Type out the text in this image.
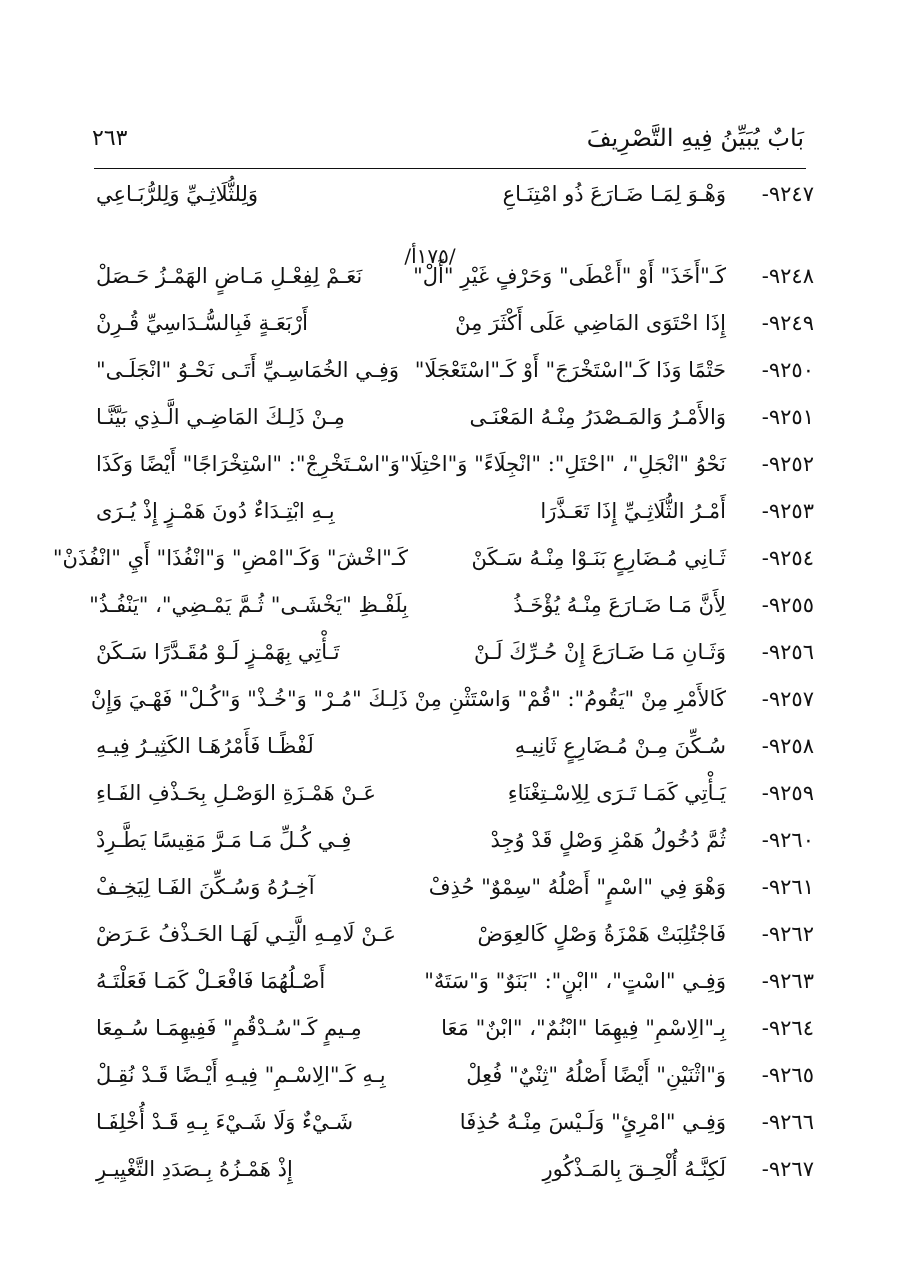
بَابٌ يُبَيِّنُ فِيهِ التَّصْرِيفَ
٢٦٣
/١٧٥أ/
٩٢٤٧-
وَهْـوَ لِمَـا ضَـارَعَ ذُو امْتِنَـاعِ
وَلِلثُّلَاثِـيِّ وَلِلرُّبَـاعِي
٩٢٤٨-
كَـ"أَخَذَ" أَوْ "أَعْطَى" وَحَرْفٍ غَيْرِ "أَلْ"
نَعَـمْ لِفِعْـلِ مَـاضٍ الهَمْـزُ حَـصَلْ
٩٢٤٩-
إِذَا احْتَوَى المَاضِي عَلَى أَكْثَرَ مِنْ
أَرْبَعَـةٍ فَبِالسُّـدَاسِيِّ قُـرِنْ
٩٢٥٠-
حَتْمًا وَذَا كَـ"اسْتَخْرَجَ" أَوْ كَـ"اسْتَعْجَلَا"
وَفِـي الخُمَاسِـيِّ أَتَـى نَحْـوُ "انْجَلَـى"
٩٢٥١-
وَالأَمْـرُ وَالمَـصْدَرُ مِنْـهُ المَعْنَـى
مِـنْ ذَلِـكَ المَاضِـي الَّـذِي بَيَّنَّـا
٩٢٥٢-
نَحْوُ "انْجَلِ"، "احْتَلِ": "انْجِلَاءً" وَ"احْتِلَا"
وَ"اسْـتَخْرِجْ": "اسْتِخْرَاجًا" أَيْضًا وَكَذَا
٩٢٥٣-
أَمْـرُ الثُّلَاثِـيِّ إِذَا تَعَـذَّرَا
بِـهِ ابْتِـدَاءٌ دُونَ هَمْـزٍ إِذْ يُـرَى
٩٢٥٤-
ثَـانِي مُـضَارِعٍ بَنَـوْا مِنْـهُ سَـكَنْ
كَـ"اخْشَ" وَكَـ"امْضِ" وَ"انْفُذَا" أَيِ "انْفُذَنْ"
٩٢٥٥-
لِأَنَّ مَـا ضَـارَعَ مِنْـهُ يُؤْخَـذُ
بِلَفْـظِ "يَخْشَـى" ثُـمَّ يَمْـضِي"، "يَنْفُـذُ"
٩٢٥٦-
وَثَـانِ مَـا ضَـارَعَ إِنْ حُـرِّكَ لَـنْ
تَـأْتِي بِهَمْـزٍ لَـوْ مُقَـدَّرًا سَـكَنْ
٩٢٥٧-
كَالأَمْرِ مِنْ "يَقُومُ": "قُمْ" وَاسْتَثْنِ مِنْ
ذَلِـكَ "مُـرْ" وَ"خُـذْ" وَ"كُـلْ" فَهْـيَ وَإِنْ
٩٢٥٨-
سُـكِّنَ مِـنْ مُـضَارِعٍ ثَانِيـهِ
لَفْظًـا فَأَمْرُهَـا الكَثِيـرُ فِيـهِ
٩٢٥٩-
يَـأْتِي كَمَـا تَـرَى لِلِاسْـتِغْنَاءِ
عَـنْ هَمْـزَةِ الوَصْـلِ بِحَـذْفِ الفَـاءِ
٩٢٦٠-
ثُمَّ دُخُولُ هَمْزِ وَصْلٍ قَدْ وُجِدْ
فِـي كُـلِّ مَـا مَـرَّ مَقِيسًا يَطَّـرِدْ
٩٢٦١-
وَهْوَ فِي "اسْمٍ" أَصْلُهُ "سِمْوٌ" حُذِفْ
آخِـرُهُ وَسُـكِّنَ الفَـا لِيَخِـفْ
٩٢٦٢-
فَاجْتُلِبَتْ هَمْزَةُ وَصْلٍ كَالعِوَضْ
عَـنْ لَامِـهِ الَّتِـي لَهَـا الحَـذْفُ عَـرَضْ
٩٢٦٣-
وَفِـي "اسْتٍ"، "ابْنٍ": "بَنَوٌ" وَ"سَتَهٌ"
أَصْـلُهُمَا فَافْعَـلْ كَمَـا فَعَلْتَـهُ
٩٢٦٤-
بِـ"الِاسْمِ" فِيهِمَا "ابْنُمٌ"، "ابْنٌ" مَعَا
مِـيمٍ كَـ"سُـدْقُمٍ" فَفِيهِمَـا سُـمِعَا
٩٢٦٥-
وَ"اثْنَيْنِ" أَيْضًا أَصْلُهُ "ثِنْيٌ" فُعِلْ
بِـهِ كَـ"الِاسْـمِ" فِيـهِ أَيْـضًا قَـدْ نُقِـلْ
٩٢٦٦-
وَفِـي "امْرِئٍ" وَلَـيْسَ مِنْـهُ حُذِفَا
شَـيْءٌ وَلَا شَـيْءَ بِـهِ قَـدْ أُخْلِفَـا
٩٢٦٧-
لَكِنَّـهُ أُلْحِـقَ بِالمَـذْكُورِ
إِذْ هَمْـزُهُ بِـصَدَدِ التَّغْيِيـرِ
